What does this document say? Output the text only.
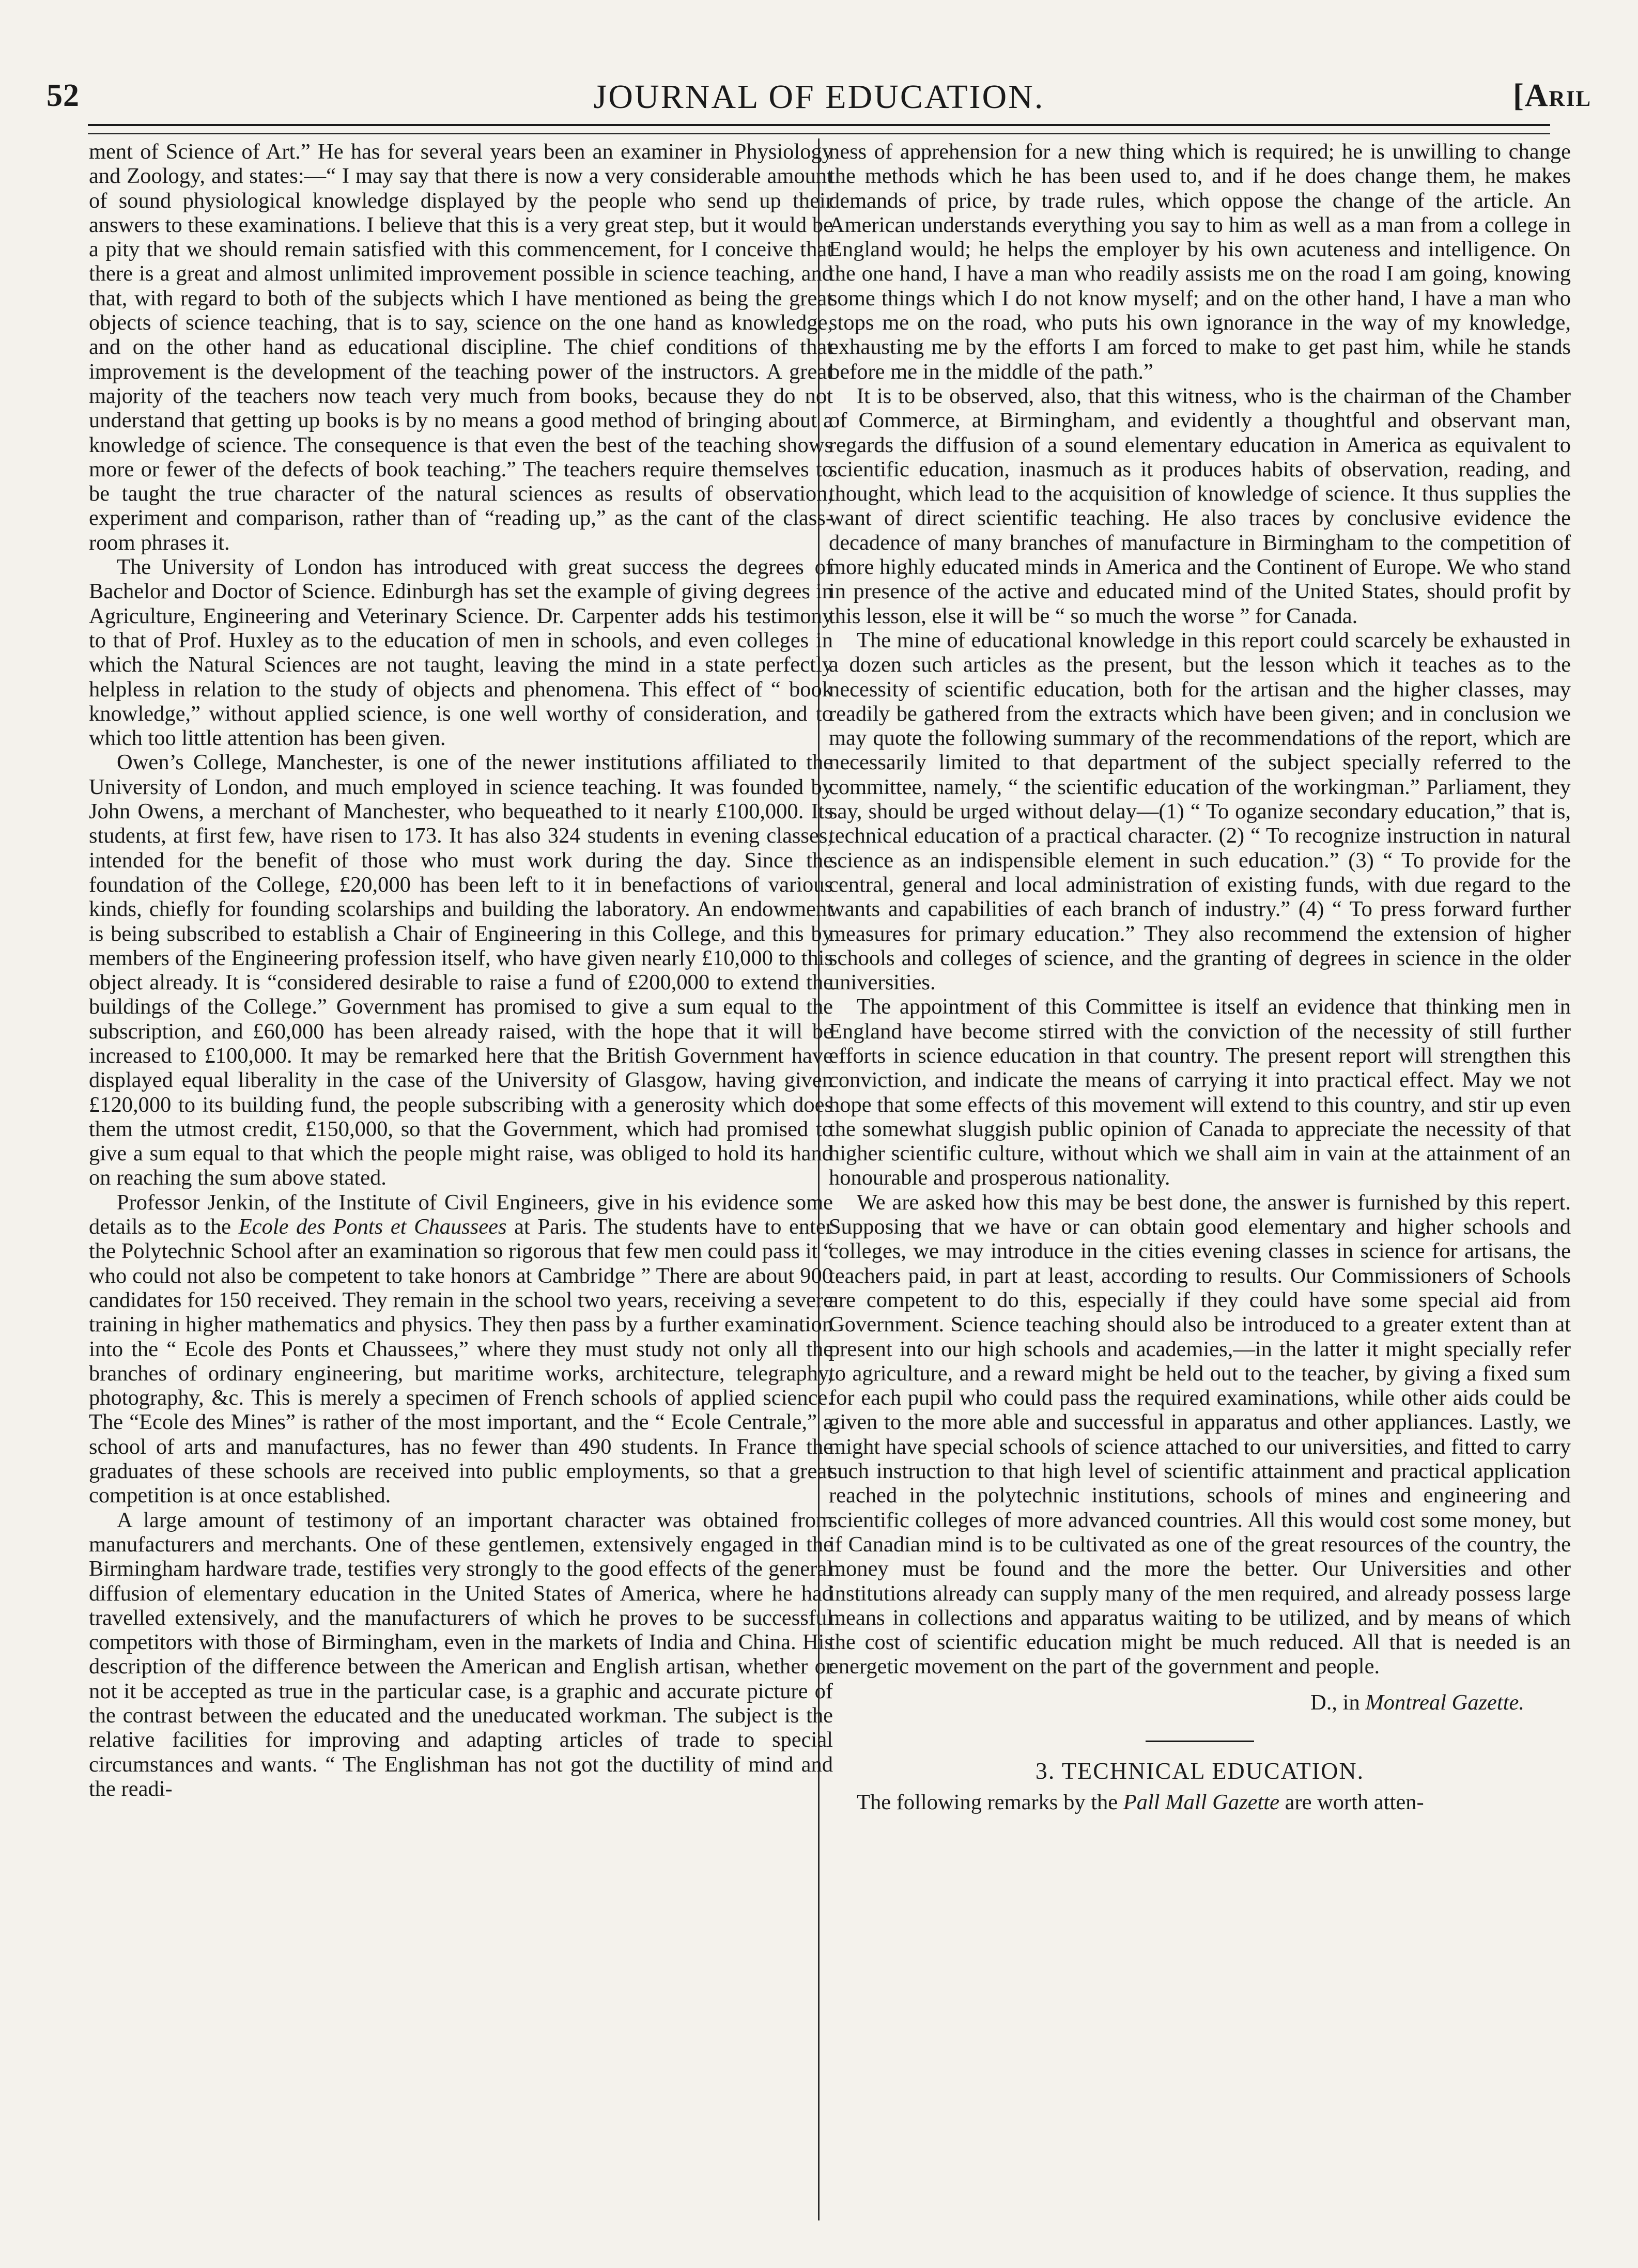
52	JOURNAL OF EDUCATION.	[Aril

ment of Science of Art.” He has for several years been an examiner in Physiology and Zoology, and states:—“ I may say that there is now a very considerable amount of sound physiological knowledge displayed by the people who send up their answers to these examinations. I believe that this is a very great step, but it would be a pity that we should remain satisfied with this commencement, for I conceive that there is a great and almost unlimited improvement possible in science teaching, and that, with regard to both of the subjects which I have mentioned as being the great objects of science teaching, that is to say, science on the one hand as knowledge, and on the other hand as educational discipline. The chief conditions of that improvement is the development of the teaching power of the instructors. A great majority of the teachers now teach very much from books, because they do not understand that getting up books is by no means a good method of bringing about a knowledge of science. The consequence is that even the best of the teaching shows more or fewer of the defects of book teaching.” The teachers require themselves to be taught the true character of the natural sciences as results of observation, experiment and comparison, rather than of “reading up,” as the cant of the class-room phrases it.

The University of London has introduced with great success the degrees of Bachelor and Doctor of Science. Edinburgh has set the example of giving degrees in Agriculture, Engineering and Veterinary Science. Dr. Carpenter adds his testimony to that of Prof. Huxley as to the education of men in schools, and even colleges in which the Natural Sciences are not taught, leaving the mind in a state perfectly helpless in relation to the study of objects and phenomena. This effect of “ book knowledge,” without applied science, is one well worthy of consideration, and to which too little attention has been given.

Owen’s College, Manchester, is one of the newer institutions affiliated to the University of London, and much employed in science teaching. It was founded by John Owens, a merchant of Manchester, who bequeathed to it nearly £100,000. Its students, at first few, have risen to 173. It has also 324 students in evening classes, intended for the benefit of those who must work during the day. Since the foundation of the College, £20,000 has been left to it in benefactions of various kinds, chiefly for founding scolarships and building the laboratory. An endowment is being subscribed to establish a Chair of Engineering in this College, and this by members of the Engineering profession itself, who have given nearly £10,000 to this object already. It is “considered desirable to raise a fund of £200,000 to extend the buildings of the College.” Government has promised to give a sum equal to the subscription, and £60,000 has been already raised, with the hope that it will be increased to £100,000. It may be remarked here that the British Government have displayed equal liberality in the case of the University of Glasgow, having given £120,000 to its building fund, the people subscribing with a generosity which does them the utmost credit, £150,000, so that the Government, which had promised to give a sum equal to that which the people might raise, was obliged to hold its hand on reaching the sum above stated.

Professor Jenkin, of the Institute of Civil Engineers, give in his evidence some details as to the Ecole des Ponts et Chaussees at Paris. The students have to enter the Polytechnic School after an examination so rigorous that few men could pass it “ who could not also be competent to take honors at Cambridge ” There are about 900 candidates for 150 received. They remain in the school two years, receiving a severe training in higher mathematics and physics. They then pass by a further examination into the “ Ecole des Ponts et Chaussees,” where they must study not only all the branches of ordinary engineering, but maritime works, architecture, telegraphy, photography, &c. This is merely a specimen of French schools of applied science. The “Ecole des Mines” is rather of the most important, and the “ Ecole Centrale,” a school of arts and manufactures, has no fewer than 490 students. In France the graduates of these schools are received into public employments, so that a great competition is at once established.

A large amount of testimony of an important character was obtained from manufacturers and merchants. One of these gentlemen, extensively engaged in the Birmingham hardware trade, testifies very strongly to the good effects of the general diffusion of elementary education in the United States of America, where he had travelled extensively, and the manufacturers of which he proves to be successful competitors with those of Birmingham, even in the markets of India and China. His description of the difference between the American and English artisan, whether or not it be accepted as true in the particular case, is a graphic and accurate picture of the contrast between the educated and the uneducated workman. The subject is the relative facilities for improving and adapting articles of trade to special circumstances and wants. “ The Englishman has not got the ductility of mind and the readi-

ness of apprehension for a new thing which is required; he is unwilling to change the methods which he has been used to, and if he does change them, he makes demands of price, by trade rules, which oppose the change of the article. An American understands everything you say to him as well as a man from a college in England would; he helps the employer by his own acuteness and intelligence. On the one hand, I have a man who readily assists me on the road I am going, knowing some things which I do not know myself; and on the other hand, I have a man who stops me on the road, who puts his own ignorance in the way of my knowledge, exhausting me by the efforts I am forced to make to get past him, while he stands before me in the middle of the path.”

It is to be observed, also, that this witness, who is the chairman of the Chamber of Commerce, at Birmingham, and evidently a thoughtful and observant man, regards the diffusion of a sound elementary education in America as equivalent to scientific education, inasmuch as it produces habits of observation, reading, and thought, which lead to the acquisition of knowledge of science. It thus supplies the want of direct scientific teaching. He also traces by conclusive evidence the decadence of many branches of manufacture in Birmingham to the competition of more highly educated minds in America and the Continent of Europe. We who stand in presence of the active and educated mind of the United States, should profit by this lesson, else it will be “ so much the worse ” for Canada.

The mine of educational knowledge in this report could scarcely be exhausted in a dozen such articles as the present, but the lesson which it teaches as to the necessity of scientific education, both for the artisan and the higher classes, may readily be gathered from the extracts which have been given; and in conclusion we may quote the following summary of the recommendations of the report, which are necessarily limited to that department of the subject specially referred to the committee, namely, “ the scientific education of the workingman.” Parliament, they say, should be urged without delay—(1) “ To oganize secondary education,” that is, technical education of a practical character. (2) “ To recognize instruction in natural science as an indispensible element in such education.” (3) “ To provide for the central, general and local administration of existing funds, with due regard to the wants and capabilities of each branch of industry.” (4) “ To press forward further measures for primary education.” They also recommend the extension of higher schools and colleges of science, and the granting of degrees in science in the older universities.

The appointment of this Committee is itself an evidence that thinking men in England have become stirred with the conviction of the necessity of still further efforts in science education in that country. The present report will strengthen this conviction, and indicate the means of carrying it into practical effect. May we not hope that some effects of this movement will extend to this country, and stir up even the somewhat sluggish public opinion of Canada to appreciate the necessity of that higher scientific culture, without which we shall aim in vain at the attainment of an honourable and prosperous nationality.

We are asked how this may be best done, the answer is furnished by this repert. Supposing that we have or can obtain good elementary and higher schools and colleges, we may introduce in the cities evening classes in science for artisans, the teachers paid, in part at least, according to results. Our Commissioners of Schools are competent to do this, especially if they could have some special aid from Government. Science teaching should also be introduced to a greater extent than at present into our high schools and academies,—in the latter it might specially refer to agriculture, and a reward might be held out to the teacher, by giving a fixed sum for each pupil who could pass the required examinations, while other aids could be given to the more able and successful in apparatus and other appliances. Lastly, we might have special schools of science attached to our universities, and fitted to carry such instruction to that high level of scientific attainment and practical application reached in the polytechnic institutions, schools of mines and engineering and scientific colleges of more advanced countries. All this would cost some money, but if Canadian mind is to be cultivated as one of the great resources of the country, the money must be found and the more the better. Our Universities and other institutions already can supply many of the men required, and already possess large means in collections and apparatus waiting to be utilized, and by means of which the cost of scientific education might be much reduced. All that is needed is an energetic movement on the part of the government and people.

D., in Montreal Gazette.

3. TECHNICAL EDUCATION.

The following remarks by the Pall Mall Gazette are worth atten-
